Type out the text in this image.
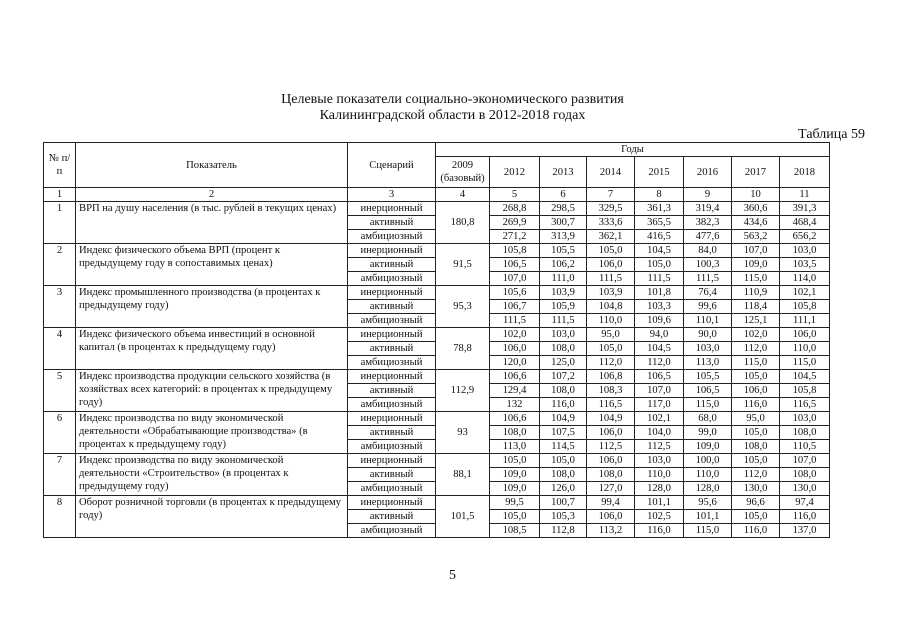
Целевые показатели социально-экономического развития
Калининградской области в 2012-2018 годах
Таблица 59
№ п/п	Показатель	Сценарий	Годы							
			2009 (базовый)	2012	2013	2014	2015	2016	2017	2018
1	2	3	4	5	6	7	8	9	10	11
1	ВРП на душу населения (в тыс. рублей в текущих ценах)	инерционный	180,8	268,8	298,5	329,5	361,3	319,4	360,6	391,3
		активный		269,9	300,7	333,6	365,5	382,3	434,6	468,4
		амбициозный		271,2	313,9	362,1	416,5	477,6	563,2	656,2
2	Индекс физического объема ВРП (процент к предыдущему году в сопоставимых ценах)	инерционный	91,5	105,8	105,5	105,0	104,5	84,0	107,0	103,0
		активный		106,5	106,2	106,0	105,0	100,3	109,0	103,5
		амбициозный		107,0	111,0	111,5	111,5	111,5	115,0	114,0
3	Индекс промышленного производства (в процентах к предыдущему году)	инерционный	95,3	105,6	103,9	103,9	101,8	76,4	110,9	102,1
		активный		106,7	105,9	104,8	103,3	99,6	118,4	105,8
		амбициозный		111,5	111,5	110,0	109,6	110,1	125,1	111,1
4	Индекс физического объема инвестиций в основной капитал (в процентах к предыдущему году)	инерционный	78,8	102,0	103,0	95,0	94,0	90,0	102,0	106,0
		активный		106,0	108,0	105,0	104,5	103,0	112,0	110,0
		амбициозный		120,0	125,0	112,0	112,0	113,0	115,0	115,0
5	Индекс производства продукции сельского хозяйства (в хозяйствах всех категорий: в процентах к предыдущему году)	инерционный	112,9	106,6	107,2	106,8	106,5	105,5	105,0	104,5
		активный		129,4	108,0	108,3	107,0	106,5	106,0	105,8
		амбициозный		132	116,0	116,5	117,0	115,0	116,0	116,5
6	Индекс производства по виду экономической деятельности «Обрабатывающие производства» (в процентах к предыдущему году)	инерционный	93	106,6	104,9	104,9	102,1	68,0	95,0	103,0
		активный		108,0	107,5	106,0	104,0	99,0	105,0	108,0
		амбициозный		113,0	114,5	112,5	112,5	109,0	108,0	110,5
7	Индекс производства по виду экономической деятельности «Строительство» (в процентах к предыдущему году)	инерционный	88,1	105,0	105,0	106,0	103,0	100,0	105,0	107,0
		активный		109,0	108,0	108,0	110,0	110,0	112,0	108,0
		амбициозный		109,0	126,0	127,0	128,0	128,0	130,0	130,0
8	Оборот розничной торговли (в процентах к предыдущему году)	инерционный	101,5	99,5	100,7	99,4	101,1	95,6	96,6	97,4
		активный		105,0	105,3	106,0	102,5	101,1	105,0	116,0
		амбициозный		108,5	112,8	113,2	116,0	115,0	116,0	137,0
5
